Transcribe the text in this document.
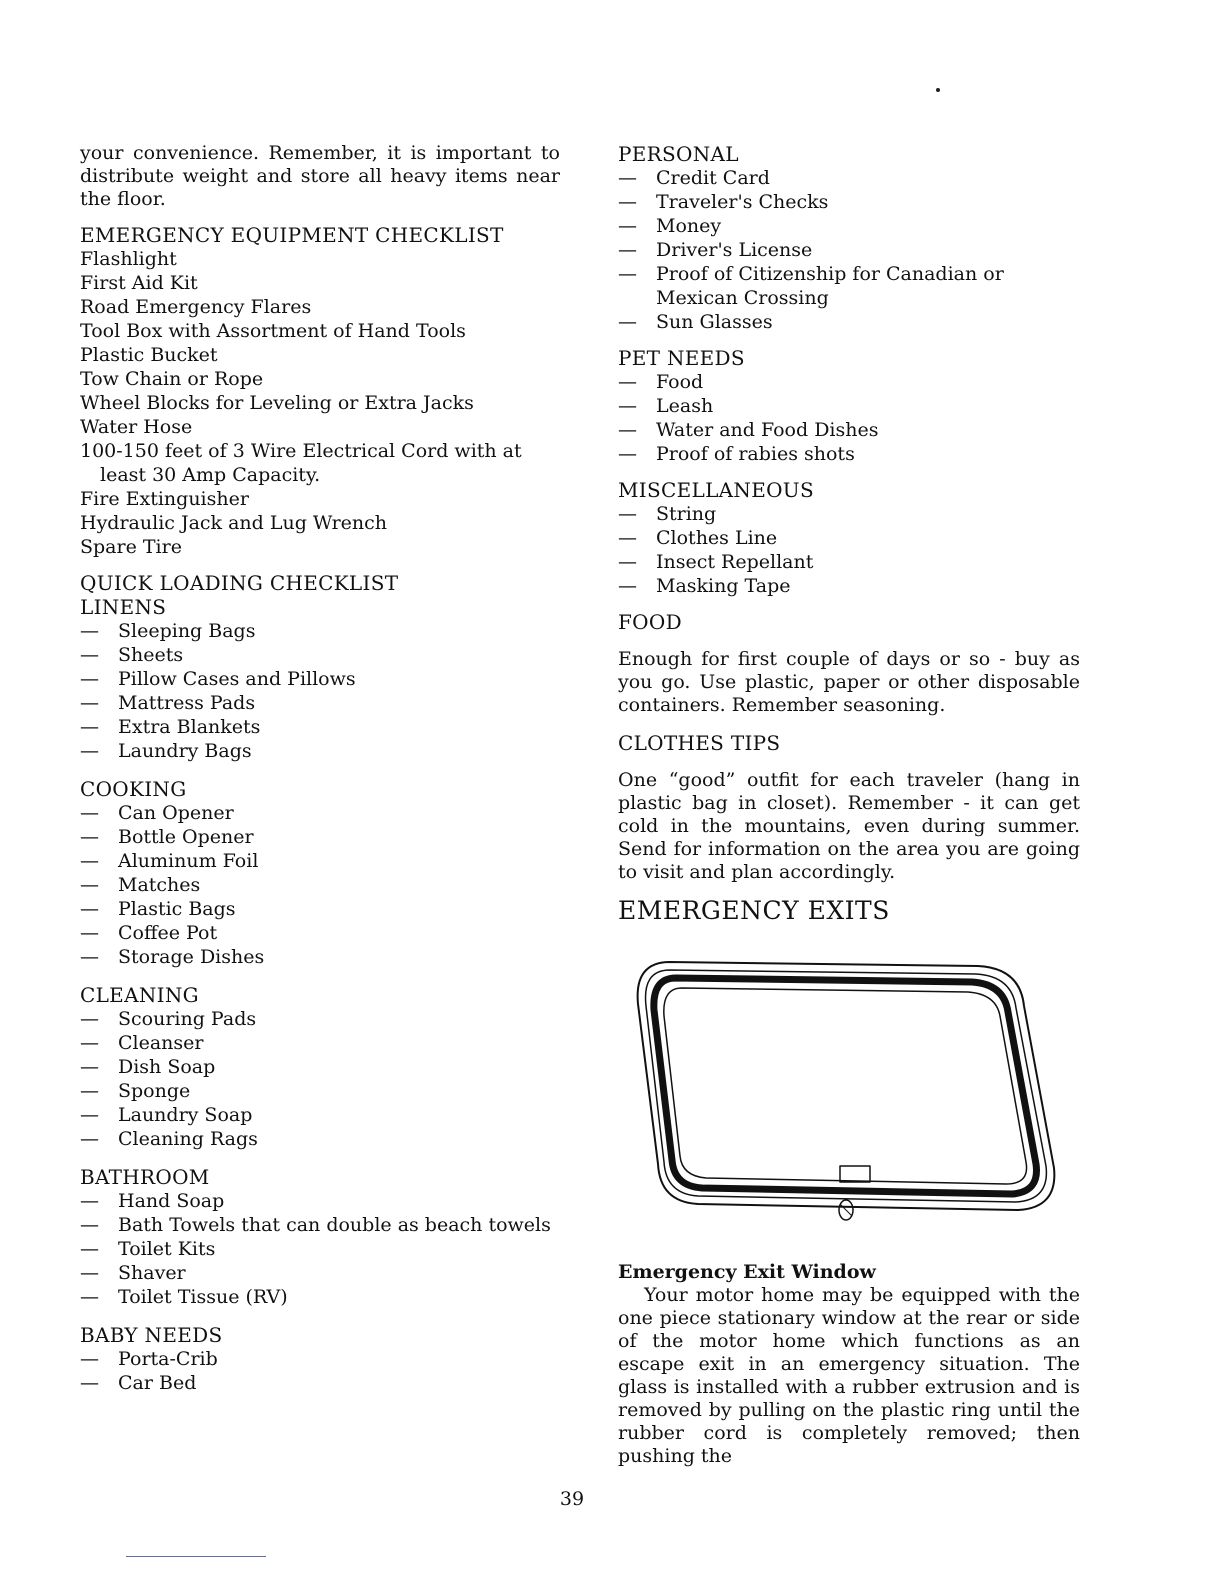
your convenience. Remember, it is important to distribute weight and store all heavy items near the floor.

EMERGENCY EQUIPMENT CHECKLIST
Flashlight
First Aid Kit
Road Emergency Flares
Tool Box with Assortment of Hand Tools
Plastic Bucket
Tow Chain or Rope
Wheel Blocks for Leveling or Extra Jacks
Water Hose
100-150 feet of 3 Wire Electrical Cord with at least 30 Amp Capacity.
Fire Extinguisher
Hydraulic Jack and Lug Wrench
Spare Tire
QUICK LOADING CHECKLIST
LINENS
— Sleeping Bags
— Sheets
— Pillow Cases and Pillows
— Mattress Pads
— Extra Blankets
— Laundry Bags
COOKING
— Can Opener
— Bottle Opener
— Aluminum Foil
— Matches
— Plastic Bags
— Coffee Pot
— Storage Dishes
CLEANING
— Scouring Pads
— Cleanser
— Dish Soap
— Sponge
— Laundry Soap
— Cleaning Rags
BATHROOM
— Hand Soap
— Bath Towels that can double as beach towels
— Toilet Kits
— Shaver
— Toilet Tissue (RV)
BABY NEEDS
— Porta-Crib
— Car Bed
PERSONAL
— Credit Card
— Traveler's Checks
— Money
— Driver's License
— Proof of Citizenship for Canadian or Mexican Crossing
— Sun Glasses
PET NEEDS
— Food
— Leash
— Water and Food Dishes
— Proof of rabies shots
MISCELLANEOUS
— String
— Clothes Line
— Insect Repellant
— Masking Tape
FOOD

Enough for first couple of days or so - buy as you go. Use plastic, paper or other disposable containers. Remember seasoning.

CLOTHES TIPS

One “good” outfit for each traveler (hang in plastic bag in closet). Remember - it can get cold in the mountains, even during summer. Send for information on the area you are going to visit and plan accordingly.

EMERGENCY EXITS
Emergency Exit Window

Your motor home may be equipped with the one piece stationary window at the rear or side of the motor home which functions as an escape exit in an emergency situation. The glass is installed with a rubber extrusion and is removed by pulling on the plastic ring until the rubber cord is completely removed; then pushing the

39
